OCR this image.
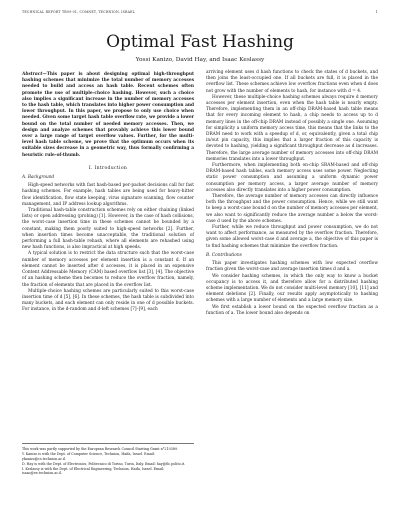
TECHNICAL REPORT TR09-01, COMNET, TECHNION, ISRAEL	1
Optimal Fast Hashing
Yossi Kanizo, David Hay, and Isaac Keslassy

Abstract—This paper is about designing optimal high-throughput hashing schemes that minimize the total number of memory accesses needed to build and access an hash table. Recent schemes often promote the use of multiple-choice hashing. However, such a choice also implies a significant increase in the number of memory accesses to the hash table, which translates into higher power consumption and lower throughput. In this paper, we propose to only use choice when needed. Given some target hash table overflow rate, we provide a lower bound on the total number of needed memory accesses. Then, we design and analyze schemes that provably achieve this lower bound over a large range of target overflow values. Further, for the multi-level hash table scheme, we prove that the optimum occurs when its suitable sizes decrease in a geometric way, thus formally confirming a heuristic rule-of-thumb.

I. Introduction
A. Background

High-speed networks with fast hash-based per-packet decisions call for fast hashing schemes. For example, hash tables are being used for heavy-hitter flow identification, flow state keeping, virus signature scanning, flow counter management, and IP address lookup algorithms.

Traditional hash-table construction schemes rely on either chaining (linked lists) or open addressing (probing) [1]. However, in the case of hash collisions, the worst-case insertion time in these schemes cannot be bounded by a constant, making them poorly suited to high-speed networks [2]. Further, when insertion times become unacceptable, the traditional solution of performing a full hash-table rehash, where all elements are rehashed using new hash functions, is also impractical at high speeds.

A typical solution is to restrict the data structure such that the worst-case number of memory accesses per element insertion is a constant d. If an element cannot be inserted after d accesses, it is placed in an expensive Content Addressable Memory (CAM) based overflow list [3], [4]. The objective of an hashing scheme then becomes to reduce the overflow fraction, namely, the fraction of elements that are placed in the overflow list.

Multiple-choice hashing schemes are particularly suited to this worst-case insertion time of d [5], [6]. In these schemes, the hash table is subdivided into many buckets, and each element can only reside in one of d possible buckets. For instance, in the d-random and d-left schemes [7]–[9], each

This work was partly supported by the European Research Council Starting Grant n°210389.
Y. Kanizo is with the Dept. of Computer Science, Technion, Haifa, Israel. Email: ykanizo@cs.technion.ac.il.
D. Hay is with the Dept. of Electronics, Politecnico di Torino, Turin, Italy. Email: hay@tlc.polito.it.
I. Keslassy is with the Dept. of Electrical Engineering, Technion, Haifa, Israel. Email: isaac@ee.technion.ac.il.

arriving element uses d hash functions to check the states of d buckets, and then joins the least-occupied one. If all buckets are full, it is placed in the overflow list. These schemes achieve low overflow fractions even when d does not grow with the number of elements to hash, for instance with d = 4.

However, these multiple-choice hashing schemes always require d memory accesses per element insertion, even when the hash table is nearly empty. Therefore, implementing them in an off-chip DRAM-based hash table means that for every incoming element to hash, a chip needs to access up to d memory lines in the off-chip DRAM instead of possibly a single one. Assuming for simplicity a uniform memory access time, this means that the links to the DRAM need to work with a speedup of d, or, equivalently, given a total chip in/out pin capacity, this implies that a larger fraction of this capacity is devoted to hashing, yielding a significant throughput decrease as d increases. Therefore, the large average number of memory accesses into off-chip DRAM memories translates into a lower throughput.

Furthermore, when implementing both on-chip SRAM-based and off-chip DRAM-based hash tables, each memory access uses some power. Neglecting static power consumption and assuming a uniform dynamic power consumption per memory access, a larger average number of memory accesses also directly translates into a higher power consumption.

Therefore, the average number of memory accesses can directly influence both the throughput and the power consumption. Hence, while we still want to keep a worst-case bound d on the number of memory accesses per element, we also want to significantly reduce the average number a below the worst-case d used by the above schemes.

Further, while we reduce throughput and power consumption, we do not want to affect performance, as measured by the overflow fraction. Therefore, given some allowed worst-case d and average a, the objective of this paper is to find hashing schemes that minimize the overflow fraction.

B. Contributions

This paper investigates hashing schemes with low expected overflow fraction given the worst-case and average insertion times d and a.

We consider hashing schemes, in which the only way to know a bucket occupancy is to access it, and therefore allow for a distributed hashing scheme implementation. We do not consider multi-level memory [10], [11] and element deletions [2]. Finally, our results apply asymptotically to hashing schemes with a large number of elements and a large memory size.

We first establish a lower bound on the expected overflow fraction as a function of a. The lower bound also depends on
